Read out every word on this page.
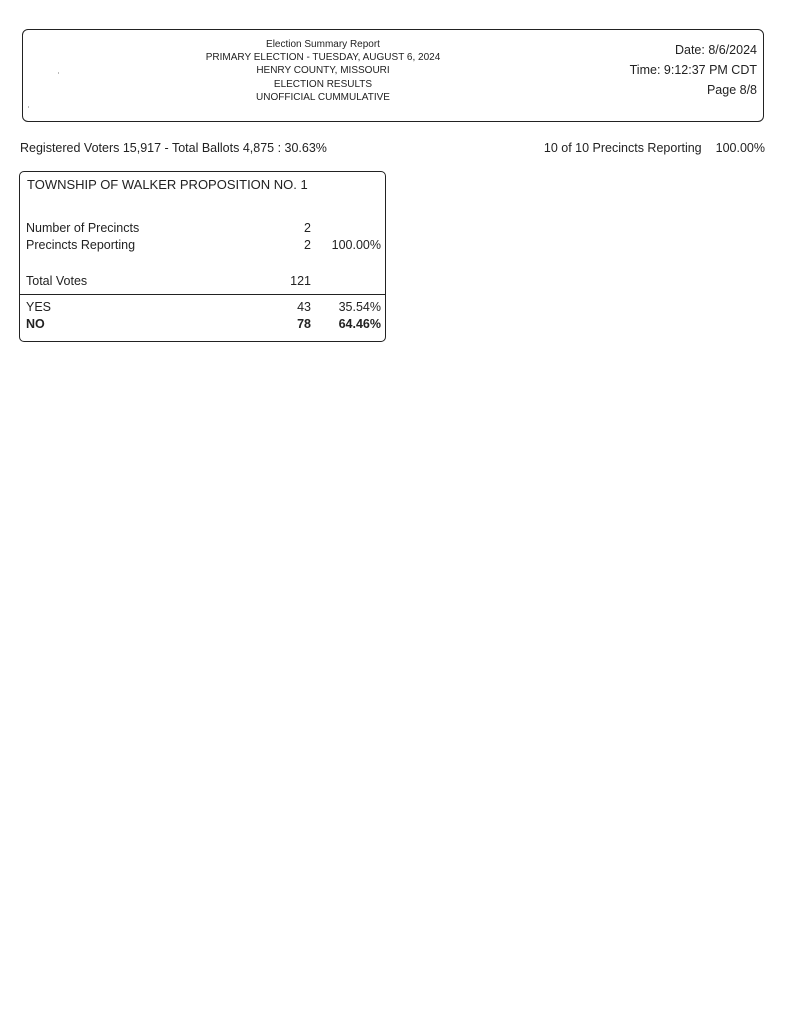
Election Summary Report
PRIMARY ELECTION - TUESDAY, AUGUST 6, 2024
HENRY COUNTY, MISSOURI
ELECTION RESULTS
UNOFFICIAL CUMMULATIVE
Date: 8/6/2024
Time: 9:12:37 PM CDT
Page 8/8
Registered Voters 15,917 - Total Ballots 4,875 : 30.63%	10 of 10 Precincts Reporting 100.00%
TOWNSHIP OF WALKER PROPOSITION NO. 1
Number of Precincts	2
Precincts Reporting	2 100.00%
Total Votes	121
YES	43 35.54%
NO	78 64.46%
